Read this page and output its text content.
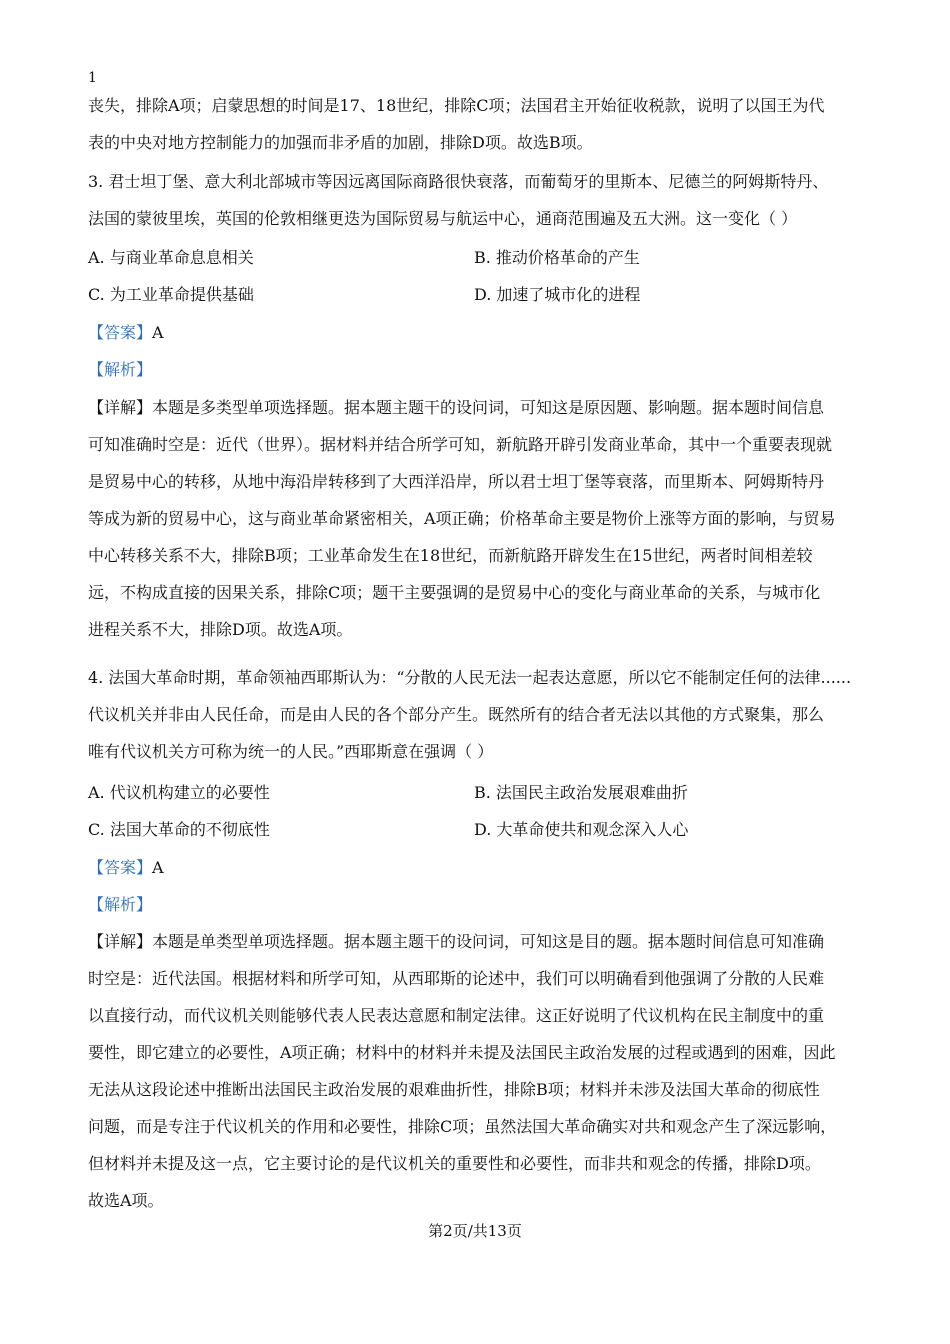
1
丧失，排除A项；启蒙思想的时间是17、18世纪，排除C项；法国君主开始征收税款，说明了以国王为代
表的中央对地方控制能力的加强而非矛盾的加剧，排除D项。故选B项。
3. 君士坦丁堡、意大利北部城市等因远离国际商路很快衰落，而葡萄牙的里斯本、尼德兰的阿姆斯特丹、
法国的蒙彼里埃，英国的伦敦相继更迭为国际贸易与航运中心，通商范围遍及五大洲。这一变化（ ）
A. 与商业革命息息相关	B. 推动价格革命的产生
C. 为工业革命提供基础	D. 加速了城市化的进程
【答案】A
【解析】
【详解】本题是多类型单项选择题。据本题主题干的设问词，可知这是原因题、影响题。据本题时间信息
可知准确时空是：近代（世界）。据材料并结合所学可知，新航路开辟引发商业革命，其中一个重要表现就
是贸易中心的转移，从地中海沿岸转移到了大西洋沿岸，所以君士坦丁堡等衰落，而里斯本、阿姆斯特丹
等成为新的贸易中心，这与商业革命紧密相关，A项正确；价格革命主要是物价上涨等方面的影响，与贸易
中心转移关系不大，排除B项；工业革命发生在18世纪，而新航路开辟发生在15世纪，两者时间相差较
远，不构成直接的因果关系，排除C项；题干主要强调的是贸易中心的变化与商业革命的关系，与城市化
进程关系不大，排除D项。故选A项。
4. 法国大革命时期，革命领袖西耶斯认为：“分散的人民无法一起表达意愿，所以它不能制定任何的法律......
代议机关并非由人民任命，而是由人民的各个部分产生。既然所有的结合者无法以其他的方式聚集，那么
唯有代议机关方可称为统一的人民。”西耶斯意在强调（ ）
A. 代议机构建立的必要性	B. 法国民主政治发展艰难曲折
C. 法国大革命的不彻底性	D. 大革命使共和观念深入人心
【答案】A
【解析】
【详解】本题是单类型单项选择题。据本题主题干的设问词，可知这是目的题。据本题时间信息可知准确
时空是：近代法国。根据材料和所学可知，从西耶斯的论述中，我们可以明确看到他强调了分散的人民难
以直接行动，而代议机关则能够代表人民表达意愿和制定法律。这正好说明了代议机构在民主制度中的重
要性，即它建立的必要性，A项正确；材料中的材料并未提及法国民主政治发展的过程或遇到的困难，因此
无法从这段论述中推断出法国民主政治发展的艰难曲折性，排除B项；材料并未涉及法国大革命的彻底性
问题，而是专注于代议机关的作用和必要性，排除C项；虽然法国大革命确实对共和观念产生了深远影响，
但材料并未提及这一点，它主要讨论的是代议机关的重要性和必要性，而非共和观念的传播，排除D项。
故选A项。
第2页/共13页
